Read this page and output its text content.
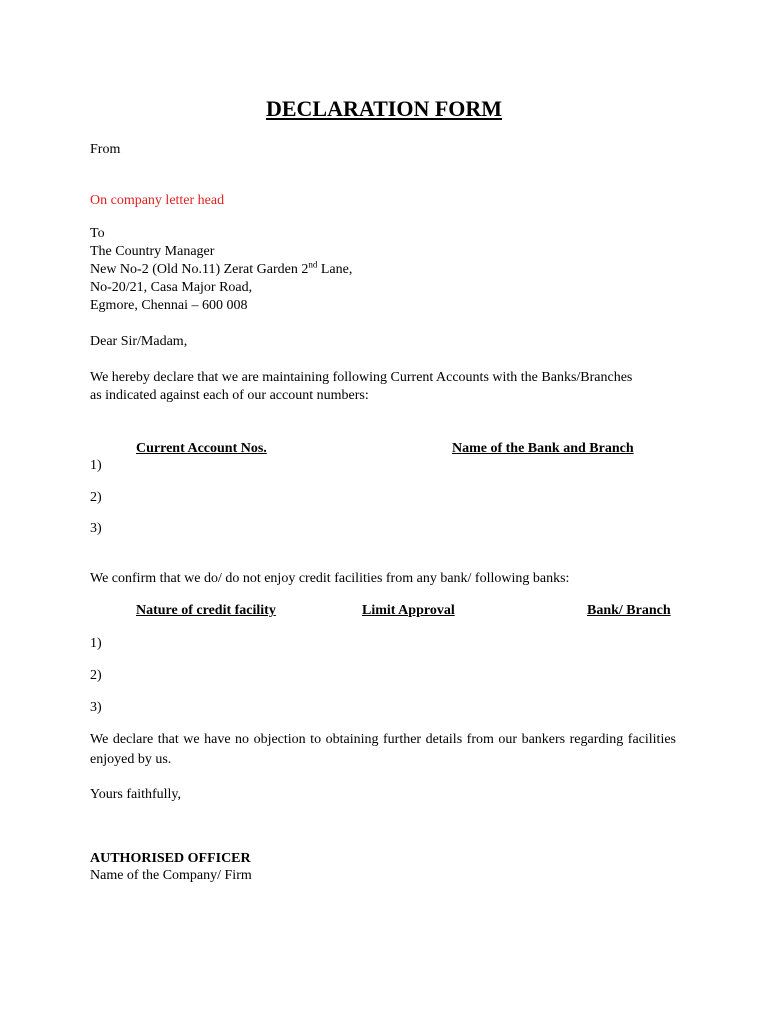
DECLARATION FORM
From
On company letter head
To
The Country Manager
New No-2 (Old No.11) Zerat Garden 2nd Lane,
No-20/21, Casa Major Road,
Egmore, Chennai – 600 008
Dear Sir/Madam,
We hereby declare that we are maintaining following Current Accounts with the Banks/Branches
as indicated against each of our account numbers:
Current Account Nos.	Name of the Bank and Branch
1)
2)
3)
We confirm that we do/ do not enjoy credit facilities from any bank/ following banks:
Nature of credit facility	Limit Approval	Bank/ Branch
1)
2)
3)
We declare that we have no objection to obtaining further details from our bankers regarding facilities enjoyed by us.
Yours faithfully,
AUTHORISED OFFICER
Name of the Company/ Firm
